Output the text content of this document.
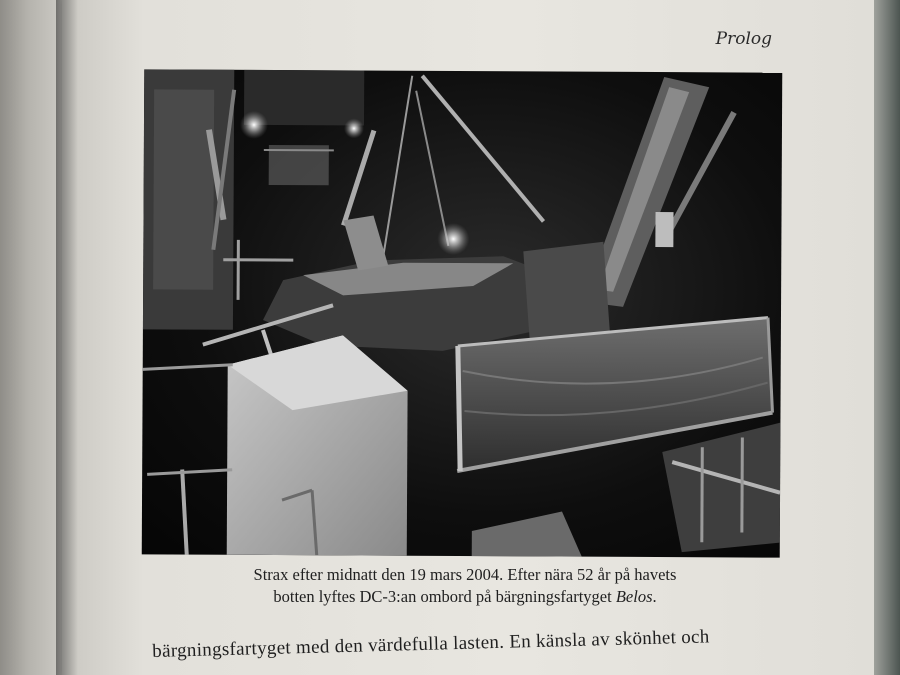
Prolog
Strax efter midnatt den 19 mars 2004. Efter nära 52 år på havets
botten lyftes DC-3:an ombord på bärgningsfartyget Belos.
bärgningsfartyget med den värdefulla lasten. En känsla av skönhet och
